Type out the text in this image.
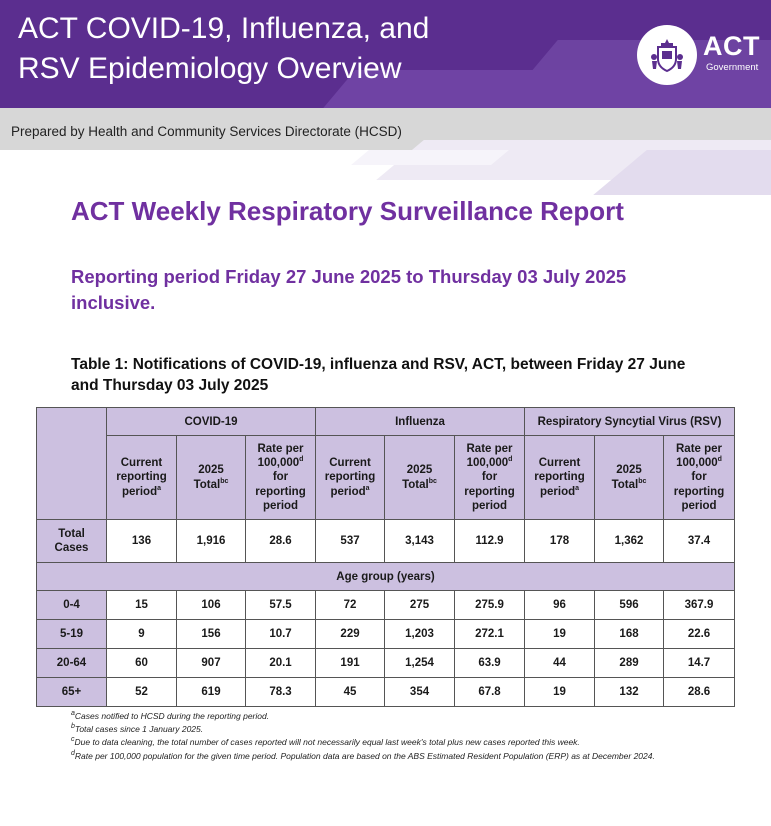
ACT COVID-19, Influenza, and
RSV Epidemiology Overview
ACT
Government
Prepared by Health and Community Services Directorate (HCSD)
ACT Weekly Respiratory Surveillance Report
Reporting period Friday 27 June 2025 to Thursday 03 July 2025 inclusive.
Table 1: Notifications of COVID-19, influenza and RSV, ACT, between Friday 27 June and Thursday 03 July 2025
	COVID-19			Influenza			Respiratory Syncytial Virus (RSV)		
	Current
reporting
period$^a$	2025
Total$^{bc}$	Rate per
100,000$^d$
for
reporting
period	Current
reporting
period$^a$	2025
Total$^{bc}$	Rate per
100,000$^d$
for
reporting
period	Current
reporting
period$^a$	2025
Total$^{bc}$	Rate per
100,000$^d$
for
reporting
period
Total
Cases	136	1,916	28.6	537	3,143	112.9	178	1,362	37.4
Age group (years)									
0-4	15	106	57.5	72	275	275.9	96	596	367.9
5-19	9	156	10.7	229	1,203	272.1	19	168	22.6
20-64	60	907	20.1	191	1,254	63.9	44	289	14.7
65+	52	619	78.3	45	354	67.8	19	132	28.6
$^a$Cases notified to HCSD during the reporting period.
$^b$Total cases since 1 January 2025.
$^c$Due to data cleaning, the total number of cases reported will not necessarily equal last week's total plus new cases reported this week.
$^d$Rate per 100,000 population for the given time period. Population data are based on the ABS Estimated Resident Population (ERP) as at December 2024.
